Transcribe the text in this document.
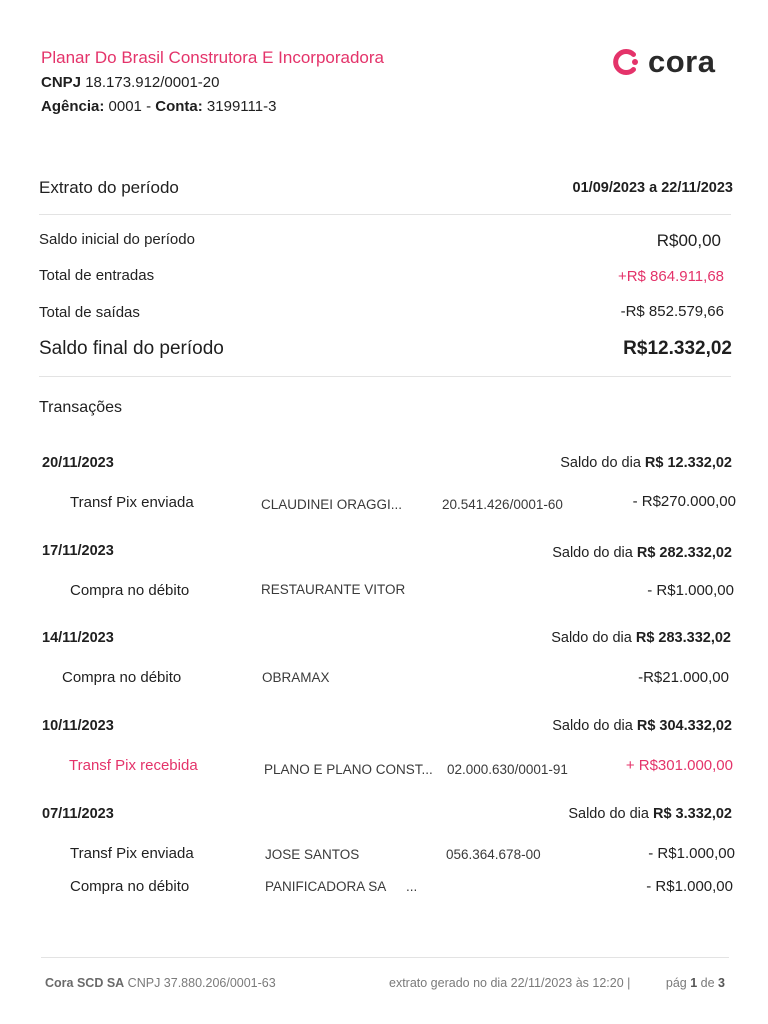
Planar Do Brasil Construtora E Incorporadora
CNPJ 18.173.912/0001-20
Agência: 0001 - Conta: 3199111-3
cora
Extrato do período	01/09/2023 a 22/11/2023
Saldo inicial do período	R$00,00
Total de entradas	+R$ 864.911,68
Total de saídas	-R$ 852.579,66
Saldo final do período	R$12.332,02
Transações
20/11/2023	Saldo do dia R$ 12.332,02
Transf Pix enviada	CLAUDINEI ORAGGI...	20.541.426/0001-60	- R$270.000,00
17/11/2023	Saldo do dia R$ 282.332,02
Compra no débito	RESTAURANTE VITOR	- R$1.000,00
14/11/2023	Saldo do dia R$ 283.332,02
Compra no débito	OBRAMAX	-R$21.000,00
10/11/2023	Saldo do dia R$ 304.332,02
Transf Pix recebida	PLANO E PLANO CONST... 02.000.630/0001-91	+ R$301.000,00
07/11/2023	Saldo do dia R$ 3.332,02
Transf Pix enviada	JOSE SANTOS	056.364.678-00	- R$1.000,00
Compra no débito	PANIFICADORA SA ...	- R$1.000,00
Cora SCD SA CNPJ 37.880.206/0001-63	extrato gerado no dia 22/11/2023 às 12:20 |	pág 1 de 3
